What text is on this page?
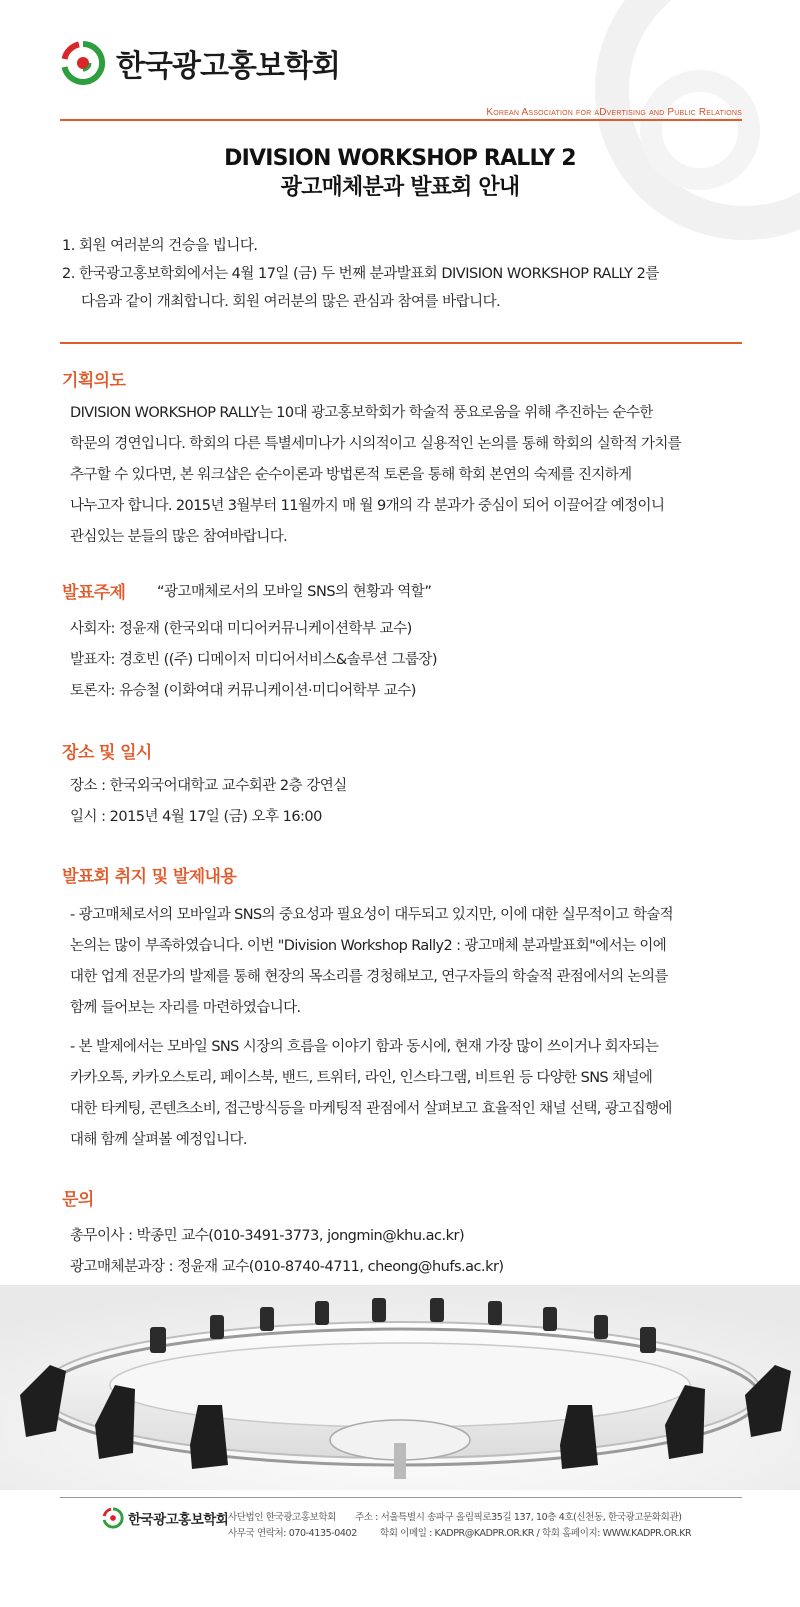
한국광고홍보학회
Korean Association for aDvertising and Public Relations
DIVISION WORKSHOP RALLY 2
광고매체분과 발표회 안내

1. 회원 여러분의 건승을 빕니다.

2. 한국광고홍보학회에서는 4월 17일 (금) 두 번째 분과발표회 DIVISION WORKSHOP RALLY 2를

다음과 같이 개최합니다. 회원 여러분의 많은 관심과 참여를 바랍니다.

기획의도
DIVISION WORKSHOP RALLY는 10대 광고홍보학회가 학술적 풍요로움을 위해 추진하는 순수한
학문의 경연입니다. 학회의 다른 특별세미나가 시의적이고 실용적인 논의를 통해 학회의 실학적 가치를
추구할 수 있다면, 본 워크샵은 순수이론과 방법론적 토론을 통해 학회 본연의 숙제를 진지하게
나누고자 합니다. 2015년 3월부터 11월까지 매 월 9개의 각 분과가 중심이 되어 이끌어갈 예정이니
관심있는 분들의 많은 참여바랍니다.
발표주제 “광고매체로서의 모바일 SNS의 현황과 역할”
사회자: 정윤재 (한국외대 미디어커뮤니케이션학부 교수)
발표자: 경호빈 ((주) 디메이저 미디어서비스&솔루션 그룹장)
토론자: 유승철 (이화여대 커뮤니케이션·미디어학부 교수)
장소 및 일시
장소 : 한국외국어대학교 교수회관 2층 강연실
일시 : 2015년 4월 17일 (금) 오후 16:00
발표회 취지 및 발제내용
- 광고매체로서의 모바일과 SNS의 중요성과 필요성이 대두되고 있지만, 이에 대한 실무적이고 학술적
논의는 많이 부족하였습니다. 이번 "Division Workshop Rally2 : 광고매체 분과발표회"에서는 이에
대한 업계 전문가의 발제를 통해 현장의 목소리를 경청해보고, 연구자들의 학술적 관점에서의 논의를
함께 들어보는 자리를 마련하였습니다.
- 본 발제에서는 모바일 SNS 시장의 흐름을 이야기 함과 동시에, 현재 가장 많이 쓰이거나 회자되는
카카오톡, 카카오스토리, 페이스북, 밴드, 트위터, 라인, 인스타그램, 비트윈 등 다양한 SNS 채널에
대한 타케팅, 콘텐츠소비, 접근방식등을 마케팅적 관점에서 살펴보고 효율적인 채널 선택, 광고집행에
대해 함께 살펴볼 예정입니다.
문의
총무이사 : 박종민 교수(010-3491-3773, jongmin@khu.ac.kr)
광고매체분과장 : 정윤재 교수(010-8740-4711, cheong@hufs.ac.kr)
한국광고홍보학회 사단법인 한국광고홍보학회 주소 : 서울특별시 송파구 올림픽로35길 137, 10층 4호(신천동, 한국광고문화회관)
사무국 연락처: 070-4135-0402 학회 이메일 : KADPR@KADPR.OR.KR / 학회 홈페이지: WWW.KADPR.OR.KR
